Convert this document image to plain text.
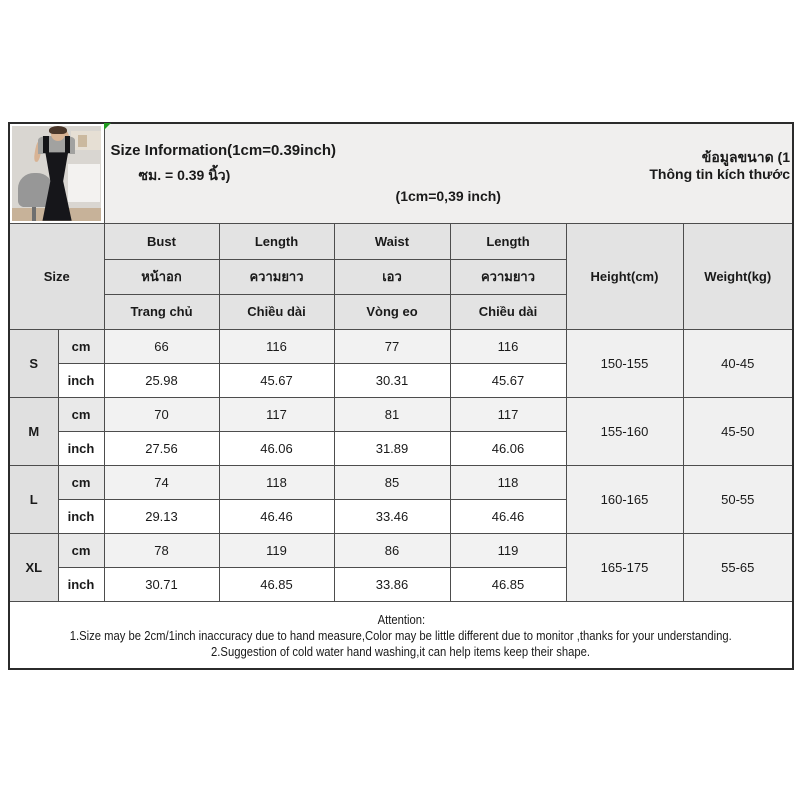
		Size Information(1cm=0.39inch)
ซม. = 0.39 นิ้ว)
ข้อมูลขนาด (1
Thông tin kích thước
(1cm=0,39 inch)					

Size		Bust	Length	Waist	Length	Height(cm)	Weight(kg)
		หน้าอก	ความยาว	เอว	ความยาว		
		Trang chủ	Chiều dài	Vòng eo	Chiều dài		
S	cm	66	116	77	116	150-155	40-45
	inch	25.98	45.67	30.31	45.67		
M	cm	70	117	81	117	155-160	45-50
	inch	27.56	46.06	31.89	46.06		
L	cm	74	118	85	118	160-165	50-55
	inch	29.13	46.46	33.46	46.46		
XL	cm	78	119	86	119	165-175	55-65
	inch	30.71	46.85	33.86	46.85		

Attention:
1.Size may be 2cm/1inch inaccuracy due to hand measure,Color may be little different due to monitor ,thanks for your understanding.
2.Suggestion of cold water hand washing,it can help items keep their shape.							
